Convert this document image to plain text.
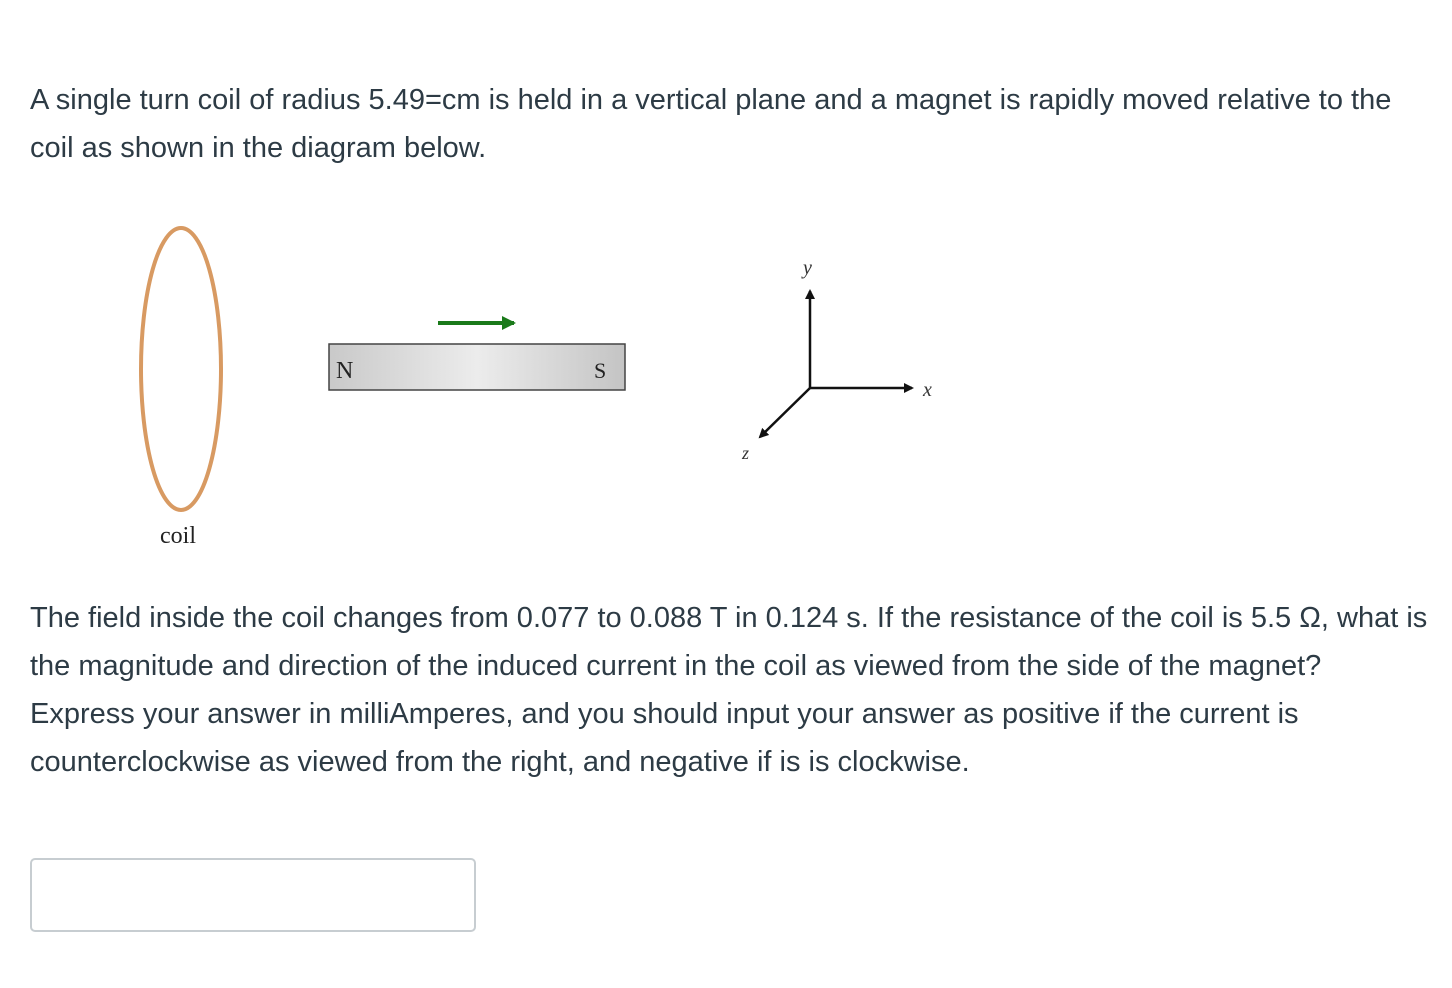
A single turn coil of radius 5.49=cm is held in a vertical plane and a magnet is rapidly moved relative to the coil as shown in the diagram below.

coil
N	S
y
x
z

The field inside the coil changes from 0.077 to 0.088 T in 0.124 s. If the resistance of the coil is 5.5 Ω, what is the magnitude and direction of the induced current in the coil as viewed from the side of the magnet? Express your answer in milliAmperes, and you should input your answer as positive if the current is counterclockwise as viewed from the right, and negative if is is clockwise.
